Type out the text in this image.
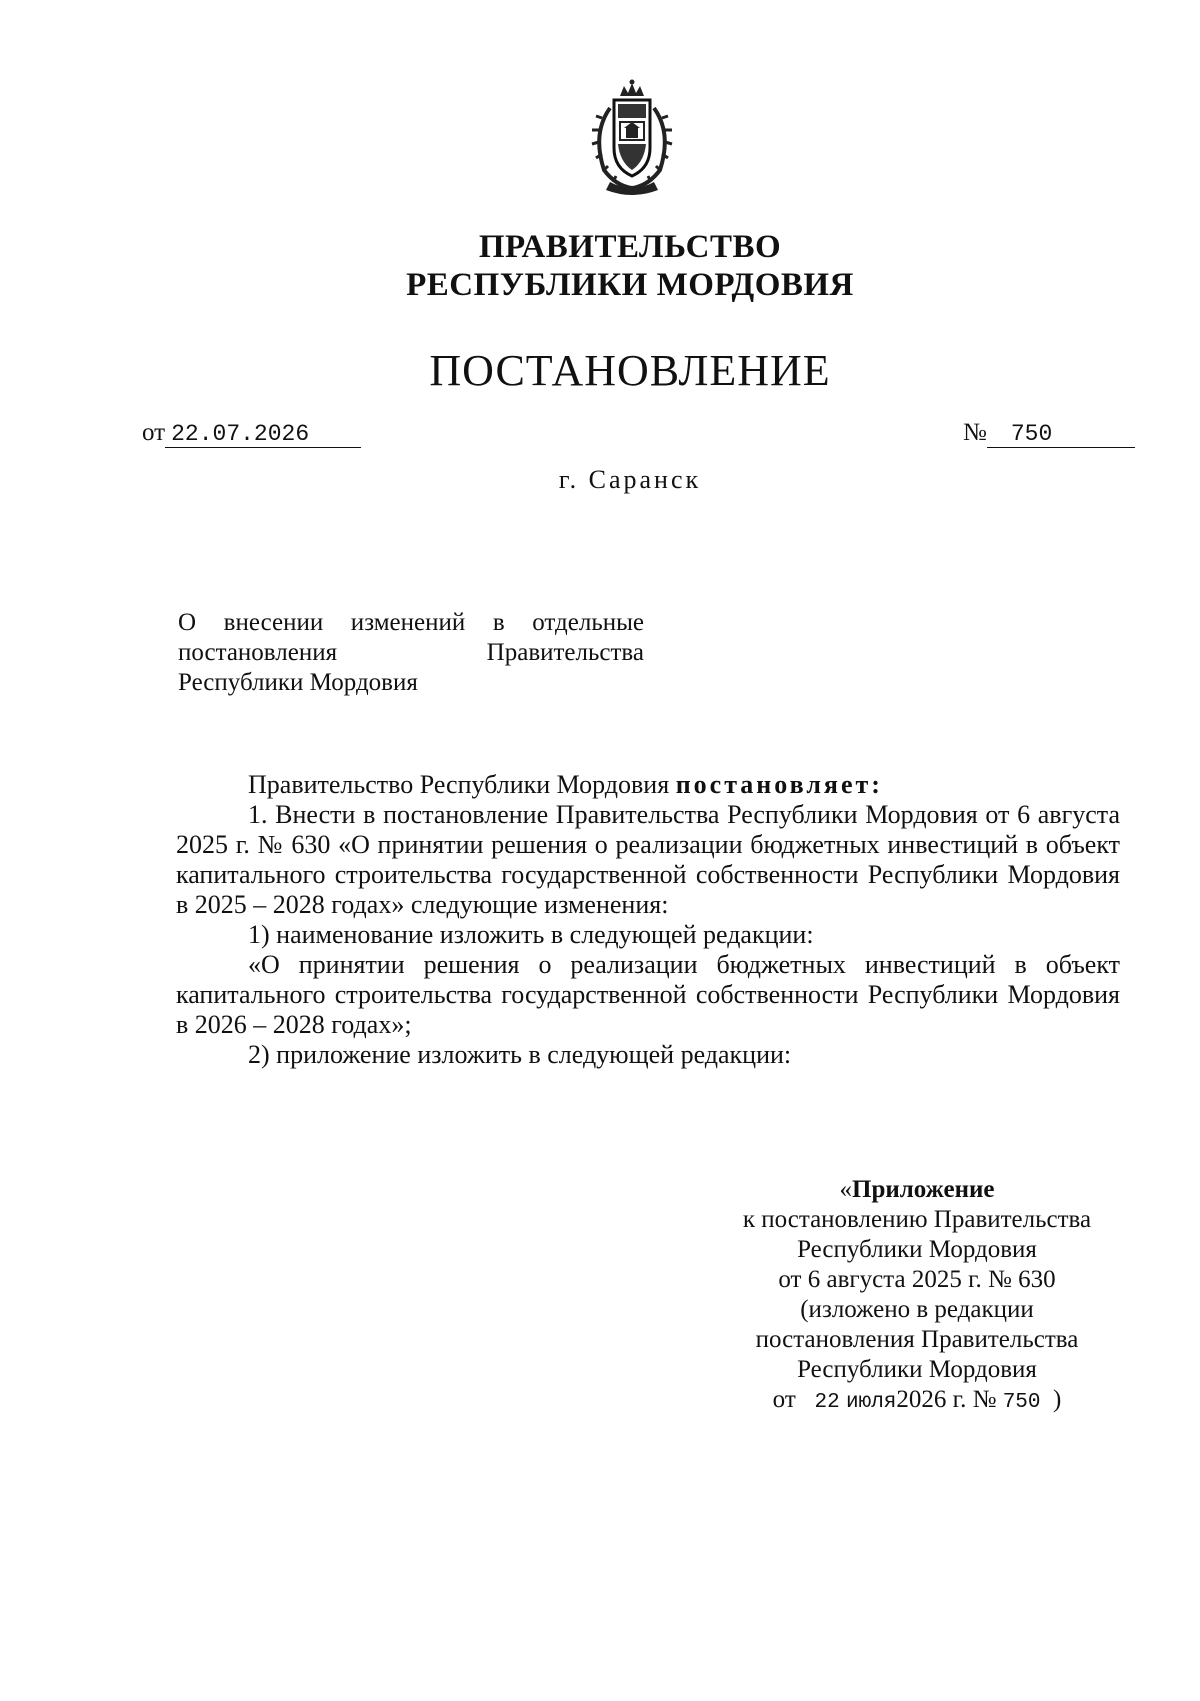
ПРАВИТЕЛЬСТВО
РЕСПУБЛИКИ МОРДОВИЯ
ПОСТАНОВЛЕНИЕ
от 22.07.2026	№ 750
г. Саранск
О внесении изменений в отдельные
постановления Правительства
Республики Мордовия

Правительство Республики Мордовия постановляет:

1. Внести в постановление Правительства Республики Мордовия от 6 августа 2025 г. № 630 «О принятии решения о реализации бюджетных инвестиций в объект капитального строительства государственной собственности Республики Мордовия в 2025 – 2028 годах» следующие изменения:

1) наименование изложить в следующей редакции:

«О принятии решения о реализации бюджетных инвестиций в объект капитального строительства государственной собственности Республики Мордовия в 2026 – 2028 годах»;

2) приложение изложить в следующей редакции:

«Приложение
к постановлению Правительства
Республики Мордовия
от 6 августа 2025 г. № 630
(изложено в редакции
постановления Правительства
Республики Мордовия
от 22 июля2026 г. № 750 )
